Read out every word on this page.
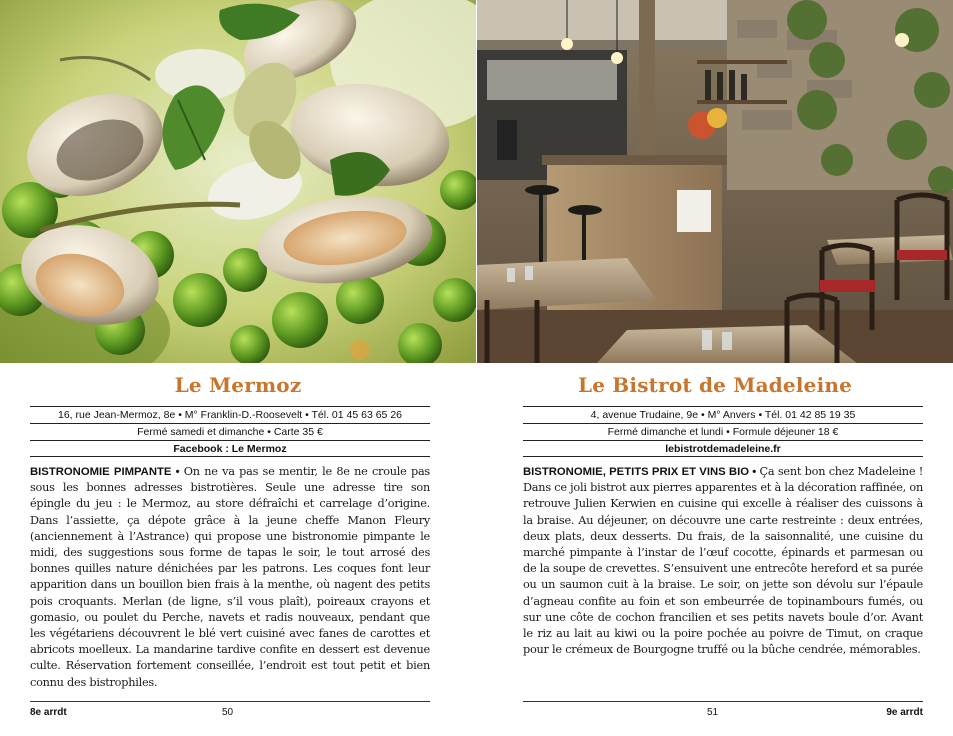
Le Mermoz
16, rue Jean-Mermoz, 8e • M° Franklin-D.-Roosevelt • Tél. 01 45 63 65 26
Fermé samedi et dimanche • Carte 35 €
Facebook : Le Mermoz
BISTRONOMIE PIMPANTE • On ne va pas se mentir, le 8e ne croule pas sous les bonnes adresses bistrotières. Seule une adresse tire son épingle du jeu : le Mermoz, au store défraîchi et carrelage d’origine. Dans l’assiette, ça dépote grâce à la jeune cheffe Manon Fleury (anciennement à l’Astrance) qui propose une bistronomie pimpante le midi, des suggestions sous forme de tapas le soir, le tout arrosé des bonnes quilles nature dénichées par les patrons. Les coques font leur apparition dans un bouillon bien frais à la menthe, où nagent des petits pois croquants. Merlan (de ligne, s’il vous plaît), poireaux crayons et gomasio, ou poulet du Perche, navets et radis nouveaux, pendant que les végétariens découvrent le blé vert cuisiné avec fanes de carottes et abricots moelleux. La mandarine tardive confite en dessert est devenue culte. Réservation fortement conseillée, l’endroit est tout petit et bien connu des bistrophiles.
8e arrdt	50
Le Bistrot de Madeleine
4, avenue Trudaine, 9e • M° Anvers • Tél. 01 42 85 19 35
Fermé dimanche et lundi • Formule déjeuner 18 €
lebistrotdemadeleine.fr
BISTRONOMIE, PETITS PRIX ET VINS BIO • Ça sent bon chez Madeleine ! Dans ce joli bistrot aux pierres apparentes et à la décoration raffinée, on retrouve Julien Kerwien en cuisine qui excelle à réaliser des cuissons à la braise. Au déjeuner, on découvre une carte restreinte : deux entrées, deux plats, deux desserts. Du frais, de la saisonnalité, une cuisine du marché pimpante à l’instar de l’œuf cocotte, épinards et parmesan ou de la soupe de crevettes. S’ensuivent une entrecôte hereford et sa purée ou un saumon cuit à la braise. Le soir, on jette son dévolu sur l’épaule d’agneau confite au foin et son embeurrée de topinambours fumés, ou sur une côte de cochon francilien et ses petits navets boule d’or. Avant le riz au lait au kiwi ou la poire pochée au poivre de Timut, on craque pour le crémeux de Bourgogne truffé ou la bûche cendrée, mémorables.
51	9e arrdt
